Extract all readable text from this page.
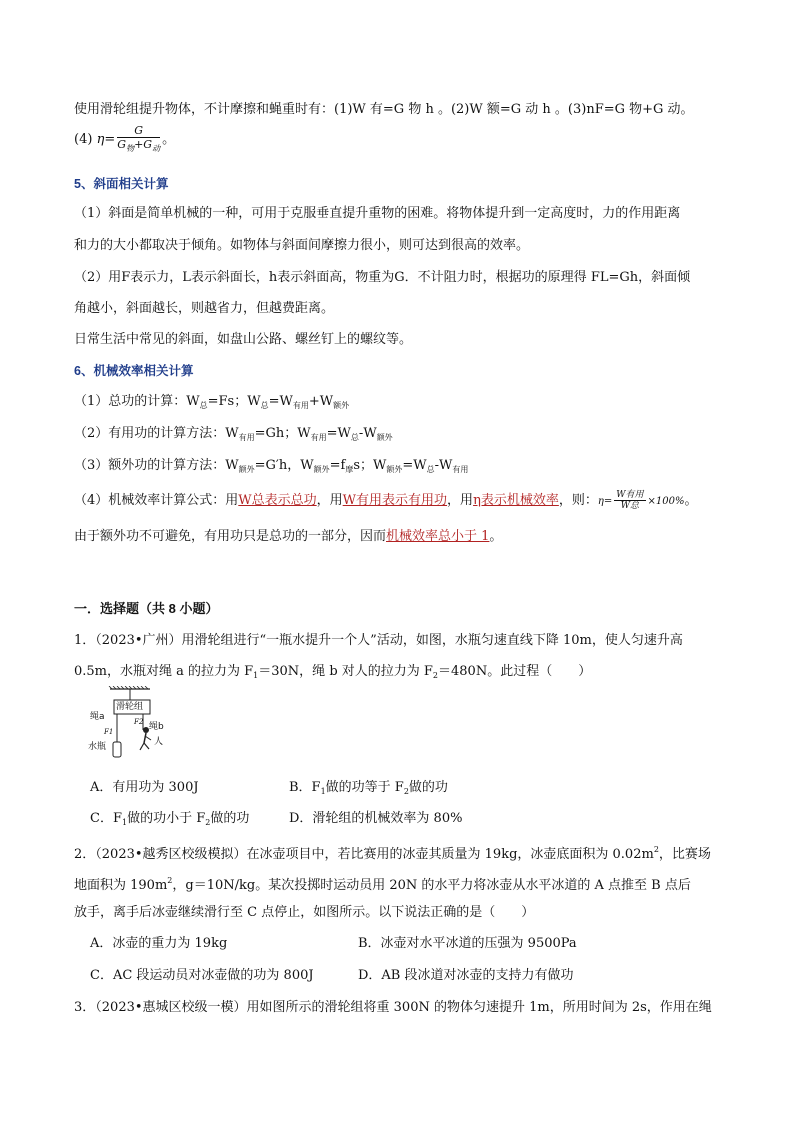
使用滑轮组提升物体，不计摩擦和蝇重时有：(1)W 有=G 物 h 。(2)W 额=G 动 h 。(3)nF=G 物+G 动。
(4) $\eta= \frac{G}{G_物+G_动}$ 。
5、斜面相关计算
（1）斜面是简单机械的一种，可用于克服垂直提升重物的困难。将物体提升到一定高度时，力的作用距离
和力的大小都取决于倾角。如物体与斜面间摩擦力很小，则可达到很高的效率。
（2）用F表示力，L表示斜面长，h表示斜面高，物重为G．不计阻力时，根据功的原理得 FL=Gh，斜面倾
角越小，斜面越长，则越省力，但越费距离。
日常生活中常见的斜面，如盘山公路、螺丝钉上的螺纹等。
6、机械效率相关计算
（1）总功的计算：$W_总=Fs$；$W_总=W_{有用}+W_{额外}$
（2）有用功的计算方法：$W_{有用}=Gh$；$W_{有用}=W_总-W_{额外}$
（3）额外功的计算方法：$W_{额外}=G'h$，$W_{额外}=f_摩s$；$W_{额外}=W_总-W_{有用}$
（4）机械效率计算公式：用W总表示总功，用W有用表示有用功，用η表示机械效率，则：$\eta= \frac{\text{W有用}}{\text{W总}} \times 100\%$。
由于额外功不可避免，有用功只是总功的一部分，因而机械效率总小于 1。
一．选择题（共 8 小题）
1．（2023•广州）用滑轮组进行“一瓶水提升一个人”活动，如图，水瓶匀速直线下降 10m，使人匀速升高
0.5m，水瓶对绳 a 的拉力为 $F_1=30N$，绳 b 对人的拉力为 $F_2=480N$。此过程（　　）
滑轮组
绳a
绳b
F1
F2
水瓶	人
A．有用功为 300J	B．$F_1$做的功等于 $F_2$做的功
C．$F_1$做的功小于 $F_2$做的功	D．滑轮组的机械效率为 80%
2．（2023•越秀区校级模拟）在冰壶项目中，若比赛用的冰壶其质量为 19kg，冰壶底面积为 $0.02m^2$，比赛场
地面积为 $190m^2$，g＝10N/kg。某次投掷时运动员用 20N 的水平力将冰壶从水平冰道的 A 点推至 B 点后
放手，离手后冰壶继续滑行至 C 点停止，如图所示。以下说法正确的是（　　）
A．冰壶的重力为 19kg	B．冰壶对水平冰道的压强为 9500Pa
C．AC 段运动员对冰壶做的功为 800J	D．AB 段冰道对冰壶的支持力有做功
3．（2023•惠城区校级一模）用如图所示的滑轮组将重 300N 的物体匀速提升 1m，所用时间为 2s，作用在绳
